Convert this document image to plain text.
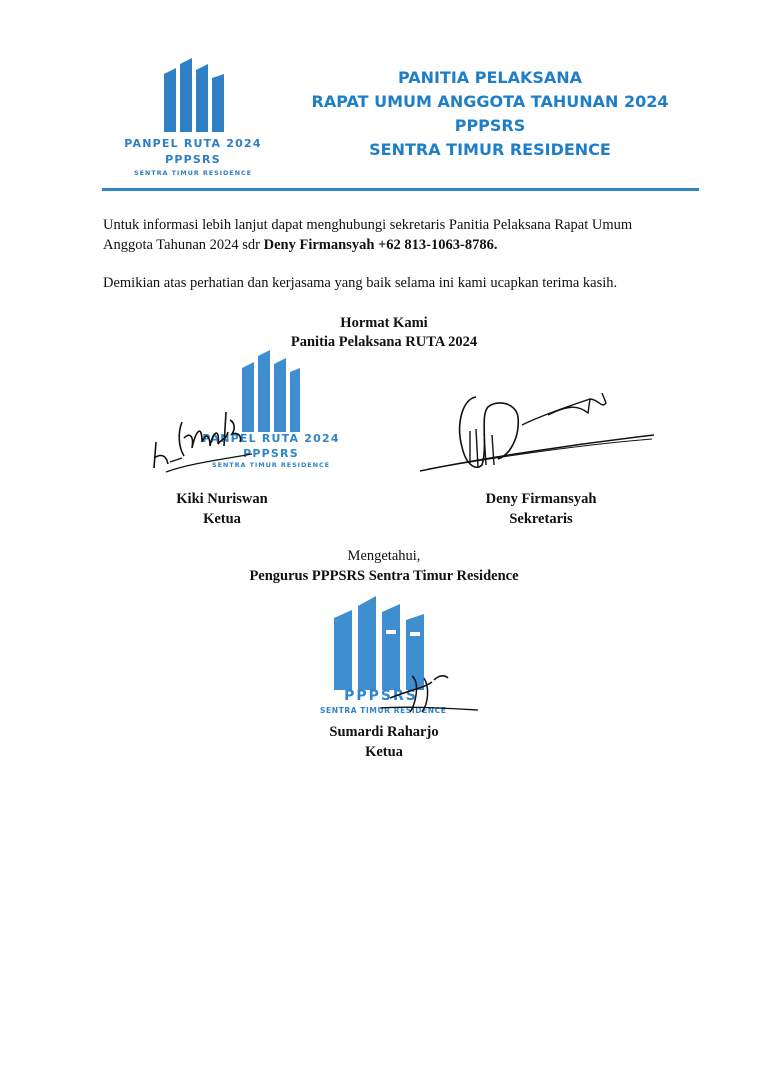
PANPEL RUTA 2024
PPPSRS
SENTRA TIMUR RESIDENCE
PANITIA PELAKSANA
RAPAT UMUM ANGGOTA TAHUNAN 2024
PPPSRS
SENTRA TIMUR RESIDENCE
Untuk informasi lebih lanjut dapat menghubungi sekretaris Panitia Pelaksana Rapat Umum
Anggota Tahunan 2024 sdr Deny Firmansyah +62 813-1063-8786.
Demikian atas perhatian dan kerjasama yang baik selama ini kami ucapkan terima kasih.
Hormat Kami
Panitia Pelaksana RUTA 2024
PANPEL RUTA 2024
PPPSRS
SENTRA TIMUR RESIDENCE
Kiki Nuriswan
Ketua
Deny Firmansyah
Sekretaris
Mengetahui,
Pengurus PPPSRS Sentra Timur Residence
PPPSRS
SENTRA TIMUR RESIDENCE
Sumardi Raharjo
Ketua
